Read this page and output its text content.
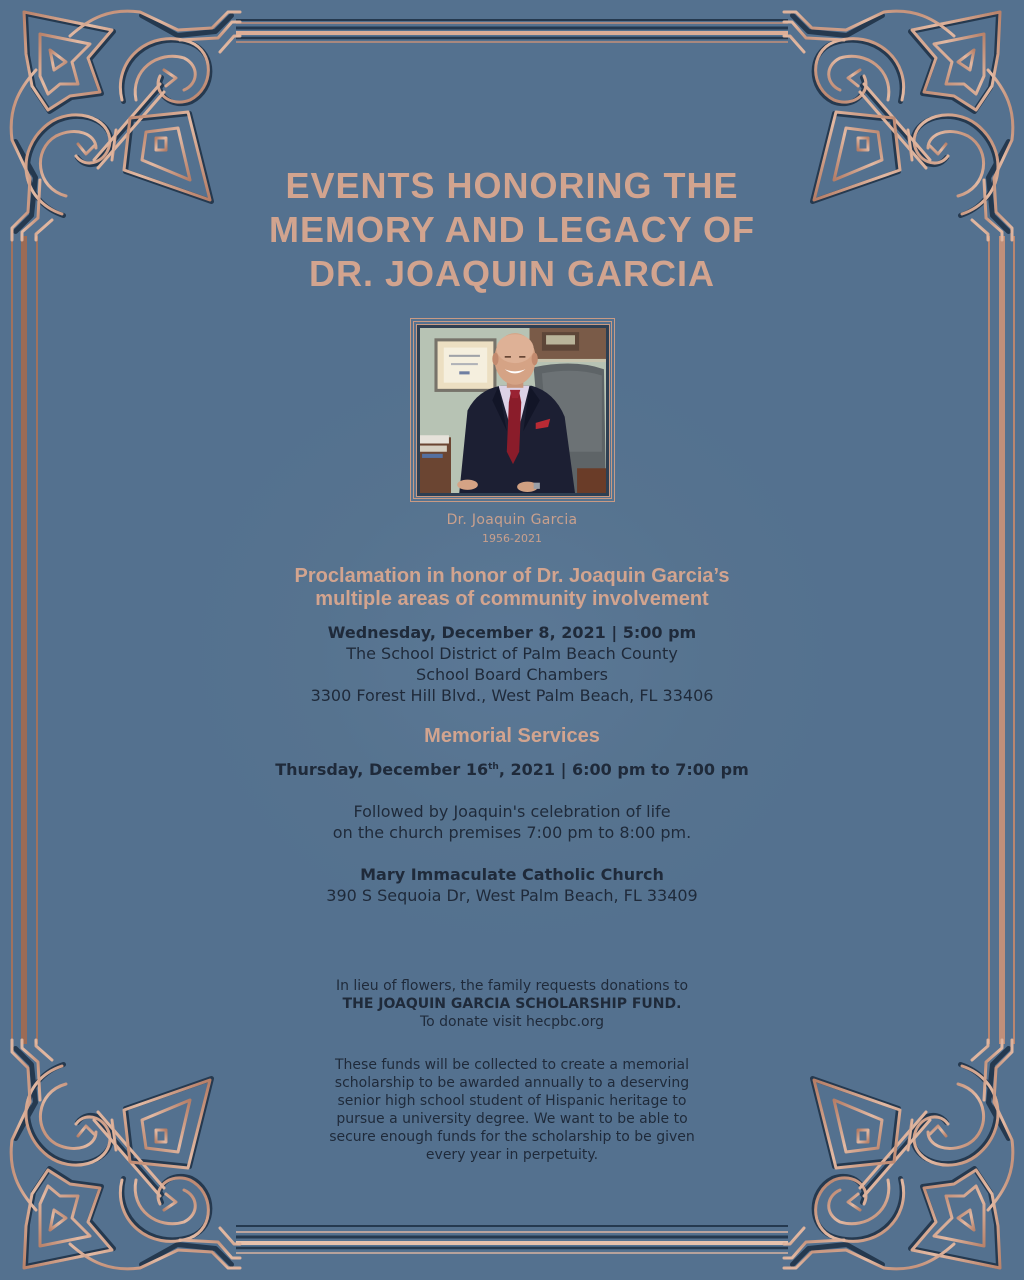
EVENTS HONORING THE
MEMORY AND LEGACY OF
DR. JOAQUIN GARCIA
Dr. Joaquin Garcia
1956-2021
Proclamation in honor of Dr. Joaquin Garcia’s
multiple areas of community involvement
Wednesday, December 8, 2021 | 5:00 pm
The School District of Palm Beach County
School Board Chambers
3300 Forest Hill Blvd., West Palm Beach, FL 33406
Memorial Services
Thursday, December 16th, 2021 | 6:00 pm to 7:00 pm
Followed by Joaquin's celebration of life
on the church premises 7:00 pm to 8:00 pm.
Mary Immaculate Catholic Church
390 S Sequoia Dr, West Palm Beach, FL 33409
In lieu of flowers, the family requests donations to
THE JOAQUIN GARCIA SCHOLARSHIP FUND.
To donate visit hecpbc.org
These funds will be collected to create a memorial
scholarship to be awarded annually to a deserving
senior high school student of Hispanic heritage to
pursue a university degree. We want to be able to
secure enough funds for the scholarship to be given
every year in perpetuity.
